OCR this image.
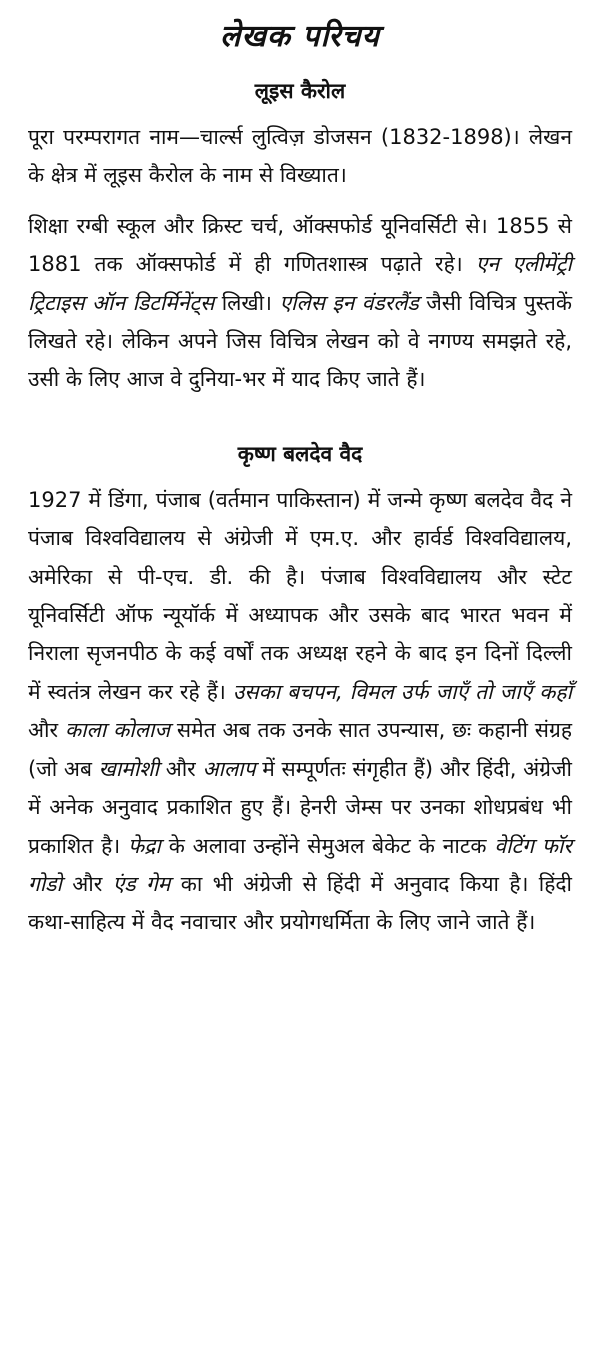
लेखक परिचय
लूइस कैरोल

पूरा परम्परागत नाम—चार्ल्स लुत्विज़ डोजसन (1832-1898)। लेखन के क्षेत्र में लूइस कैरोल के नाम से विख्यात।

शिक्षा रग्बी स्कूल और क्रिस्ट चर्च, ऑक्सफोर्ड यूनिवर्सिटी से। 1855 से 1881 तक ऑक्सफोर्ड में ही गणितशास्त्र पढ़ाते रहे। एन एलीमेंट्री ट्रिटाइस ऑन डिटर्मिनेंट्स लिखी। एलिस इन वंडरलैंड जैसी विचित्र पुस्तकें लिखते रहे। लेकिन अपने जिस विचित्र लेखन को वे नगण्य समझते रहे, उसी के लिए आज वे दुनिया-भर में याद किए जाते हैं।

कृष्ण बलदेव वैद

1927 में डिंगा, पंजाब (वर्तमान पाकिस्तान) में जन्मे कृष्ण बलदेव वैद ने पंजाब विश्वविद्यालय से अंग्रेजी में एम.ए. और हार्वर्ड विश्वविद्यालय, अमेरिका से पी-एच. डी. की है। पंजाब विश्वविद्यालय और स्टेट यूनिवर्सिटी ऑफ न्यूयॉर्क में अध्यापक और उसके बाद भारत भवन में निराला सृजनपीठ के कई वर्षों तक अध्यक्ष रहने के बाद इन दिनों दिल्ली में स्वतंत्र लेखन कर रहे हैं। उसका बचपन, विमल उर्फ जाएँ तो जाएँ कहाँ और काला कोलाज समेत अब तक उनके सात उपन्यास, छः कहानी संग्रह (जो अब खामोशी और आलाप में सम्पूर्णतः संगृहीत हैं) और हिंदी, अंग्रेजी में अनेक अनुवाद प्रकाशित हुए हैं। हेनरी जेम्स पर उनका शोधप्रबंध भी प्रकाशित है। फेद्रा के अलावा उन्होंने सेमुअल बेकेट के नाटक वेटिंग फॉर गोडो और एंड गेम का भी अंग्रेजी से हिंदी में अनुवाद किया है। हिंदी कथा-साहित्य में वैद नवाचार और प्रयोगधर्मिता के लिए जाने जाते हैं।
